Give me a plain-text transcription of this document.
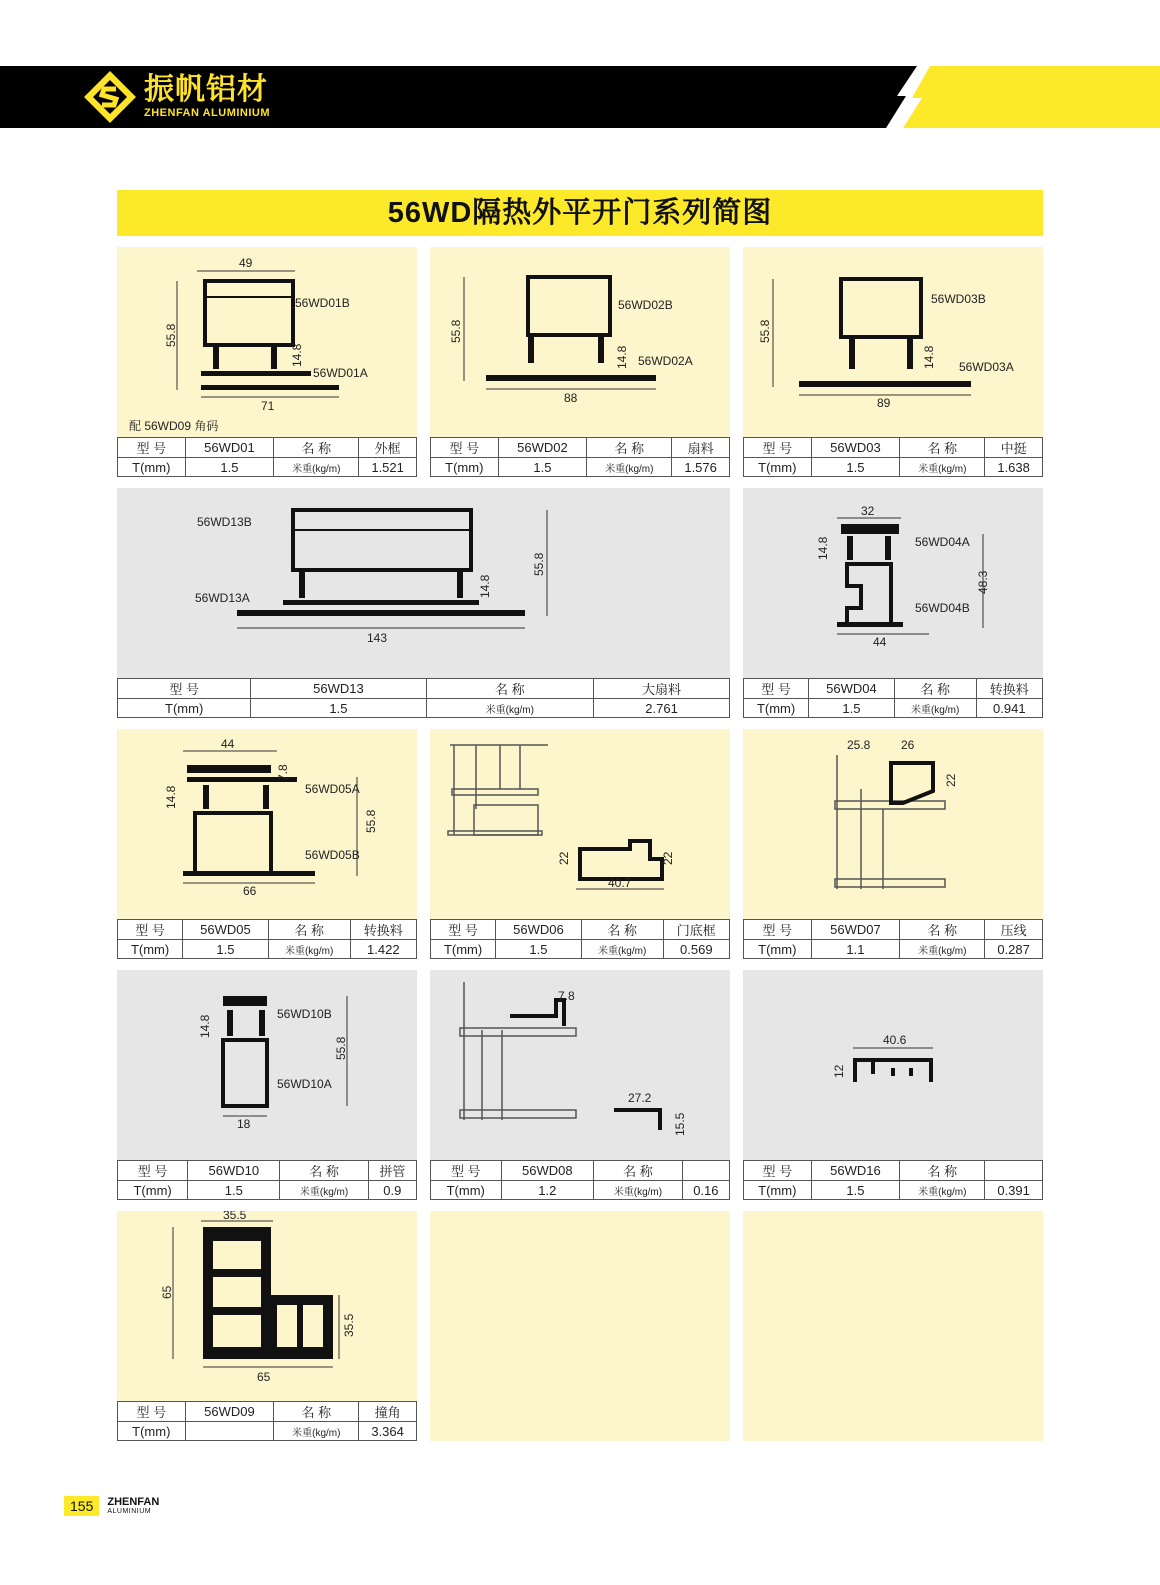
振帆铝材
ZHENFAN ALUMINIUM
56WD隔热外平开门系列简图
49
55.8
14.8
71
56WD01B
56WD01A
配 56WD09 角码
型 号	56WD01	名 称	外框
T(mm)	1.5	米重(kg/m)	1.521
55.8
14.8
88
56WD02B
56WD02A
型 号	56WD02	名 称	扇料
T(mm)	1.5	米重(kg/m)	1.576
55.8
14.8
89
56WD03B
56WD03A
型 号	56WD03	名 称	中挺
T(mm)	1.5	米重(kg/m)	1.638
55.8
14.8
143
56WD13B
56WD13A
型 号	56WD13	名 称	大扇料
T(mm)	1.5	米重(kg/m)	2.761
32
14.8
48.3
44
56WD04A
56WD04B
型 号	56WD04	名 称	转换料
T(mm)	1.5	米重(kg/m)	0.941
44
7.8
14.8
55.8
66
56WD05A
56WD05B
型 号	56WD05	名 称	转换料
T(mm)	1.5	米重(kg/m)	1.422
22	22
40.7
型 号	56WD06	名 称	门底框
T(mm)	1.5	米重(kg/m)	0.569
25.8	26
22
型 号	56WD07	名 称	压线
T(mm)	1.1	米重(kg/m)	0.287
14.8
55.8
18
56WD10B
56WD10A
型 号	56WD10	名 称	拼管
T(mm)	1.5	米重(kg/m)	0.9
7.8
27.2
15.5
型 号	56WD08	名 称	
T(mm)	1.2	米重(kg/m)	0.16
40.6
12
型 号	56WD16	名 称	
T(mm)	1.5	米重(kg/m)	0.391
35.5
65
35.5
65
型 号	56WD09	名 称	撞角
T(mm)		米重(kg/m)	3.364
155	ZHENFAN
ALUMINIUM
